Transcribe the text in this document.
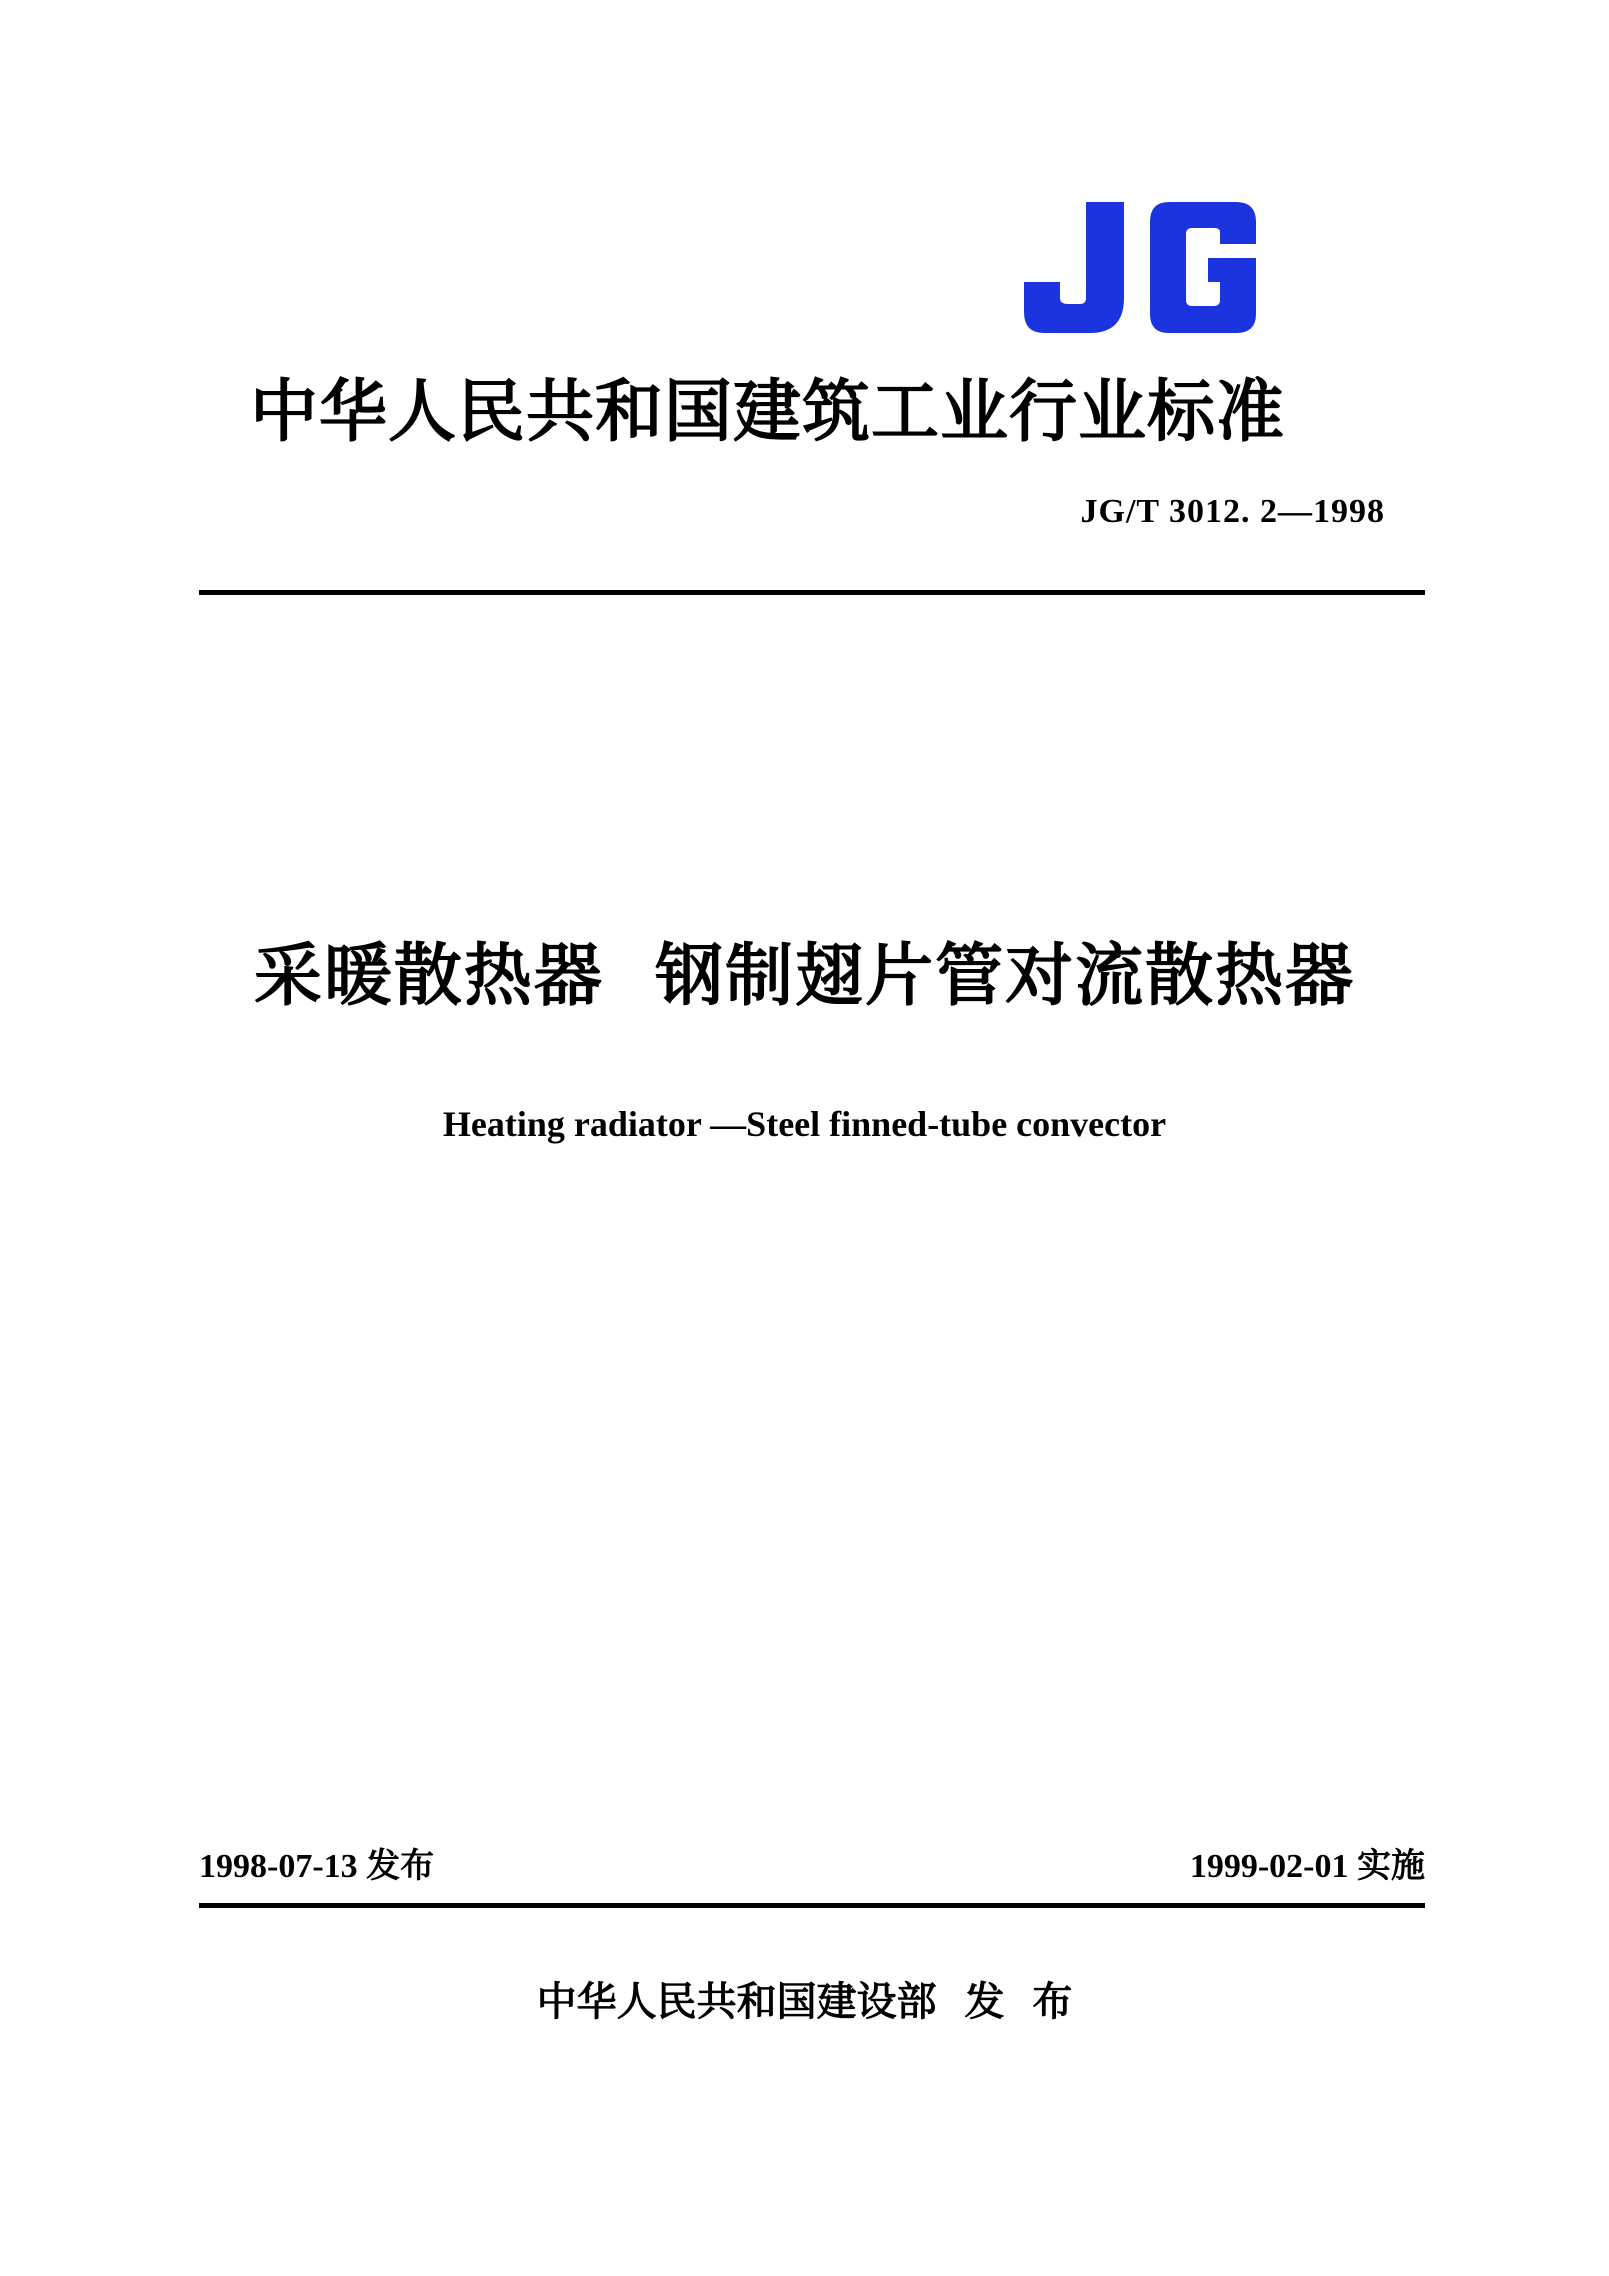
中华人民共和国建筑工业行业标准
JG/T 3012. 2—1998
采暖散热器  钢制翅片管对流散热器
Heating radiator —Steel finned-tube convector
1998-07-13 发布	1999-02-01 实施
中华人民共和国建设部  发  布
